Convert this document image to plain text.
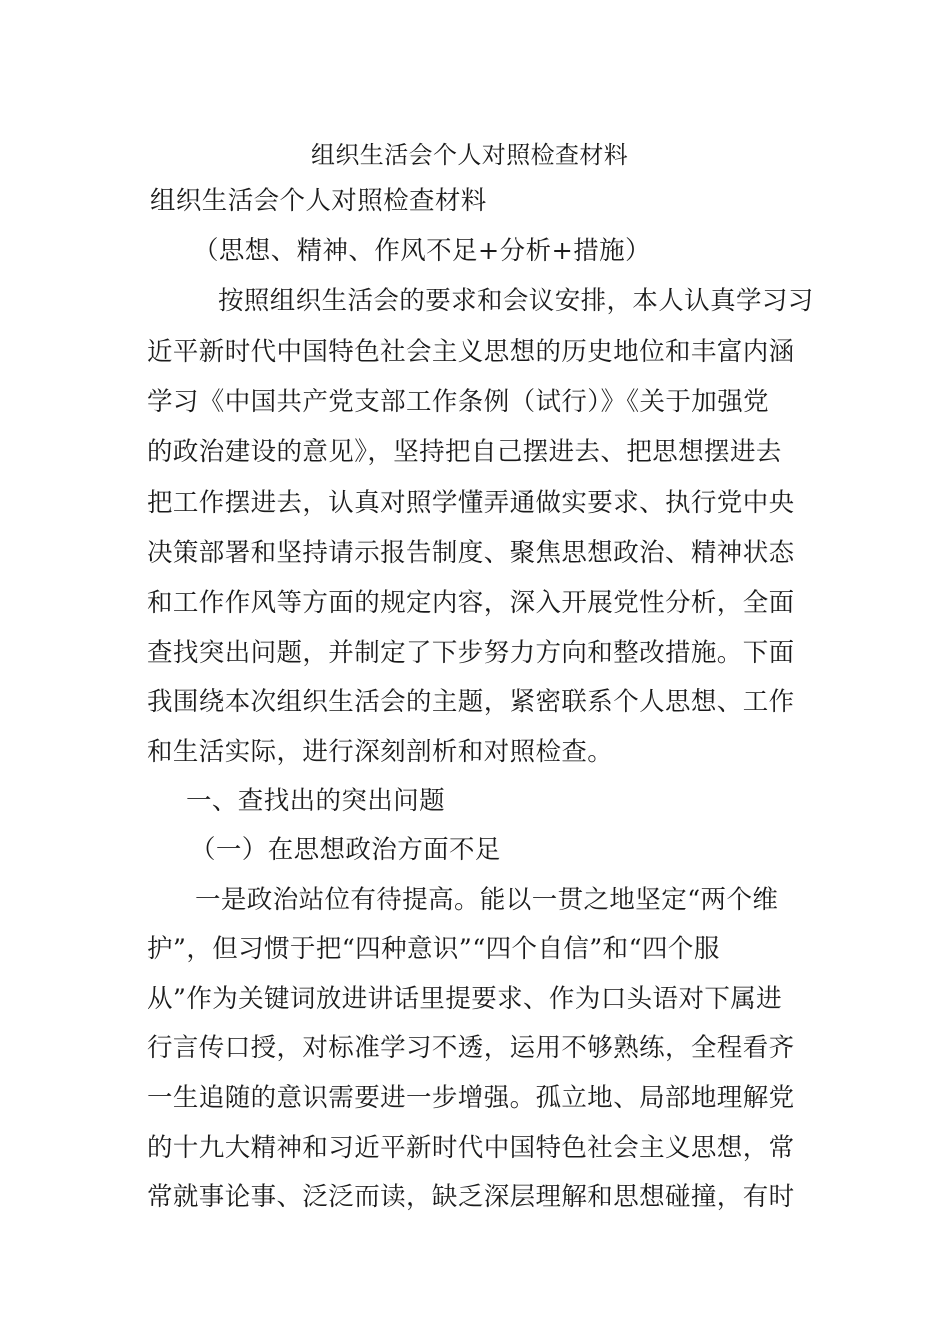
组织生活会个人对照检查材料
组织生活会个人对照检查材料
（思想、精神、作风不足+分析+措施）
按照组织生活会的要求和会议安排，本人认真学习习
近平新时代中国特色社会主义思想的历史地位和丰富内涵
学习《中国共产党支部工作条例（试行）》《关于加强党
的政治建设的意见》，坚持把自己摆进去、把思想摆进去
把工作摆进去，认真对照学懂弄通做实要求、执行党中央
决策部署和坚持请示报告制度、聚焦思想政治、精神状态
和工作作风等方面的规定内容，深入开展党性分析，全面
查找突出问题，并制定了下步努力方向和整改措施。下面
我围绕本次组织生活会的主题，紧密联系个人思想、工作
和生活实际，进行深刻剖析和对照检查。
一、查找出的突出问题
（一）在思想政治方面不足
一是政治站位有待提高。能以一贯之地坚定“两个维
护”，但习惯于把“四种意识”“四个自信”和“四个服
从”作为关键词放进讲话里提要求、作为口头语对下属进
行言传口授，对标准学习不透，运用不够熟练，全程看齐
一生追随的意识需要进一步增强。孤立地、局部地理解党
的十九大精神和习近平新时代中国特色社会主义思想，常
常就事论事、泛泛而读，缺乏深层理解和思想碰撞，有时
